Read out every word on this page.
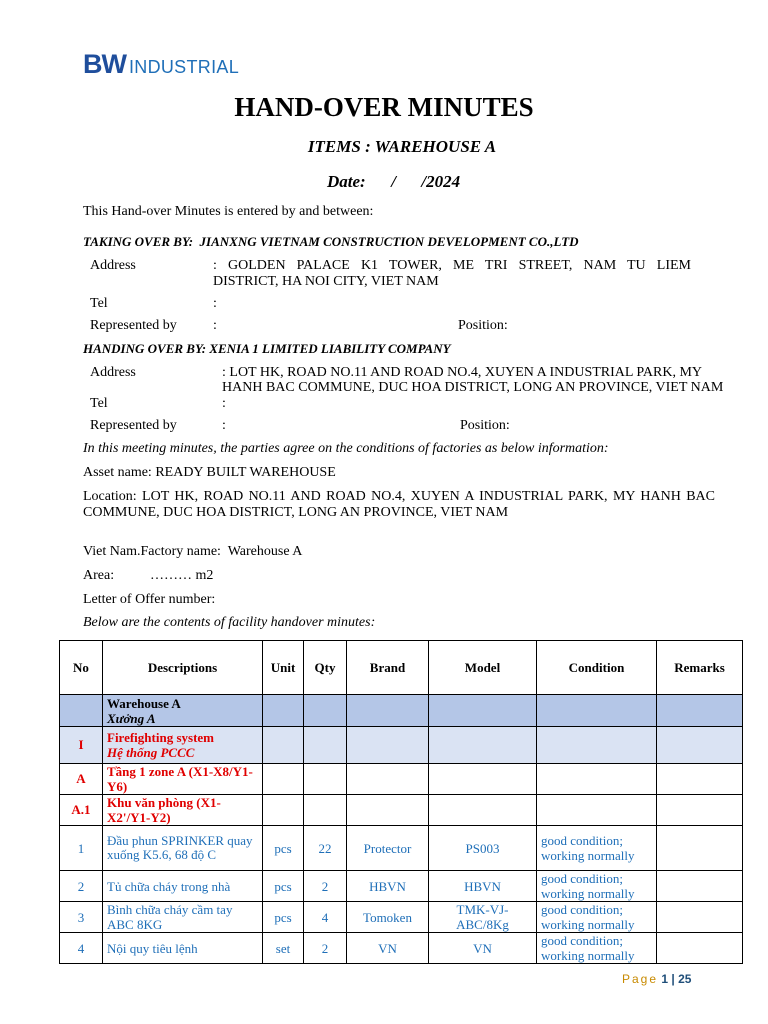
BW INDUSTRIAL
HAND-OVER MINUTES
ITEMS : WAREHOUSE A
Date:      /      /2024
This Hand-over Minutes is entered by and between:
TAKING OVER BY:  JIANXNG VIETNAM CONSTRUCTION DEVELOPMENT CO.,LTD
Address	: GOLDEN PALACE K1 TOWER, ME TRI STREET, NAM TU LIEM
DISTRICT, HA NOI CITY, VIET NAM
Tel	:
Represented by	:	Position:
HANDING OVER BY: XENIA 1 LIMITED LIABILITY COMPANY
Address	: LOT HK, ROAD NO.11 AND ROAD NO.4, XUYEN A INDUSTRIAL PARK, MY
HANH BAC COMMUNE, DUC HOA DISTRICT, LONG AN PROVINCE, VIET NAM
Tel	:
Represented by	:	Position:
In this meeting minutes, the parties agree on the conditions of factories as below information:
Asset name: READY BUILT WAREHOUSE
Location: LOT HK, ROAD NO.11 AND ROAD NO.4, XUYEN A INDUSTRIAL PARK, MY HANH BAC
COMMUNE, DUC HOA DISTRICT, LONG AN PROVINCE, VIET NAM
Viet Nam.Factory name:  Warehouse A
Area:	……… m2
Letter of Offer number:
Below are the contents of facility handover minutes:
No	Descriptions	Unit	Qty	Brand	Model	Condition	Remarks

	Warehouse A
Xưởng A						

I	Firefighting system
Hệ thống PCCC						

A	Tầng 1 zone A (X1-X8/Y1-Y6)						
A.1	Khu văn phòng (X1-X2'/Y1-Y2)						
1	Đầu phun SPRINKER quay xuống K5.6, 68 độ C	pcs	22	Protector	PS003	good condition; working normally	
2	Tủ chữa cháy trong nhà	pcs	2	HBVN	HBVN	good condition; working normally	
3	Bình chữa cháy cầm tay ABC 8KG	pcs	4	Tomoken	TMK-VJ-ABC/8Kg	good condition; working normally	
4	Nội quy tiêu lệnh	set	2	VN	VN	good condition; working normally	
Page 1 | 25
